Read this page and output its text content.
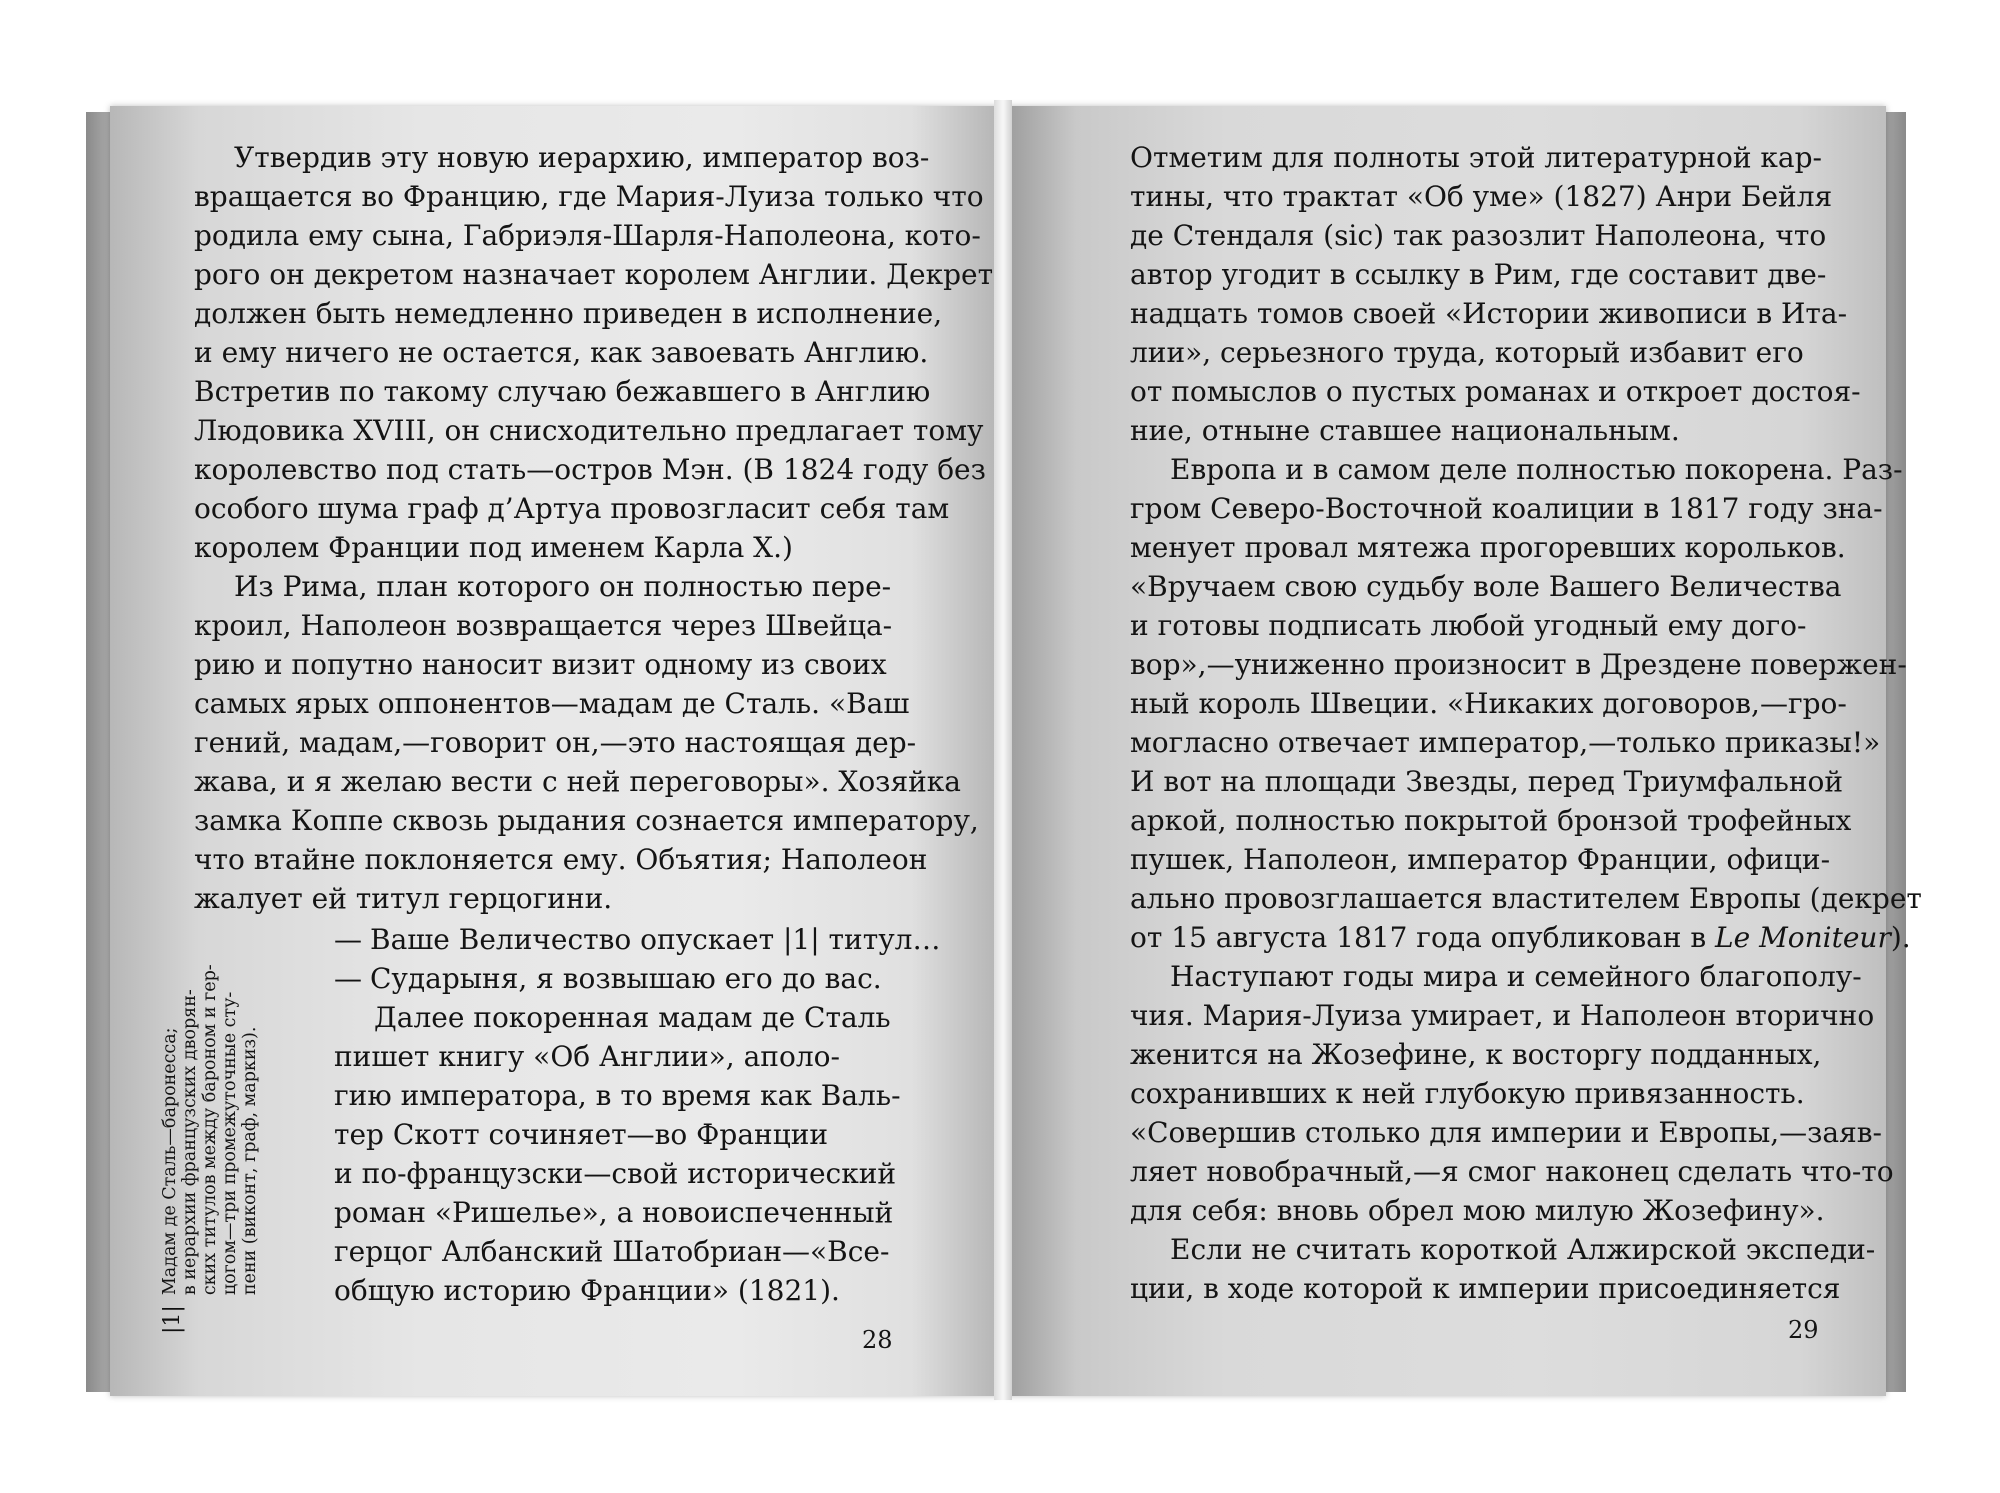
Утвердив эту новую иерархию, император воз-

вращается во Францию, где Мария-Луиза только что

родила ему сына, Габриэля-Шарля-Наполеона, кото-

рого он декретом назначает королем Англии. Декрет

должен быть немедленно приведен в исполнение,

и ему ничего не остается, как завоевать Англию.

Встретив по такому случаю бежавшего в Англию

Людовика XVIII, он снисходительно предлагает тому

королевство под стать—остров Мэн. (В 1824 году без

особого шума граф д’Артуа провозгласит себя там

королем Франции под именем Карла X.)

Из Рима, план которого он полностью пере-

кроил, Наполеон возвращается через Швейца-

рию и попутно наносит визит одному из своих

самых ярых оппонентов—мадам де Сталь. «Ваш

гений, мадам,—говорит он,—это настоящая дер-

жава, и я желаю вести с ней переговоры». Хозяйка

замка Коппе сквозь рыдания сознается императору,

что втайне поклоняется ему. Объятия; Наполеон

жалует ей титул герцогини.

— Ваше Величество опускает |1| титул…

— Сударыня, я возвышаю его до вас.

Далее покоренная мадам де Сталь

пишет книгу «Об Англии», аполо-

гию императора, в то время как Валь-

тер Скотт сочиняет—во Франции

и по-французски—свой исторический

роман «Ришелье», а новоиспеченный

герцог Албанский Шатобриан—«Все-

общую историю Франции» (1821).

|1|

Мадам де Сталь—баронесса; в иерархии французских дворян- ских титулов между бароном и гер- цогом—три промежуточные сту- пени (виконт, граф, маркиз).

28

Отметим для полноты этой литературной кар-

тины, что трактат «Об уме» (1827) Анри Бейля

де Стендаля (sic) так разозлит Наполеона, что

автор угодит в ссылку в Рим, где составит две-

надцать томов своей «Истории живописи в Ита-

лии», серьезного труда, который избавит его

от помыслов о пустых романах и откроет достоя-

ние, отныне ставшее национальным.

Европа и в самом деле полностью покорена. Раз-

гром Северо-Восточной коалиции в 1817 году зна-

менует провал мятежа прогоревших корольков.

«Вручаем свою судьбу воле Вашего Величества

и готовы подписать любой угодный ему дого-

вор»,—униженно произносит в Дрездене повержен-

ный король Швеции. «Никаких договоров,—гро-

могласно отвечает император,—только приказы!»

И вот на площади Звезды, перед Триумфальной

аркой, полностью покрытой бронзой трофейных

пушек, Наполеон, император Франции, офици-

ально провозглашается властителем Европы (декрет

от 15 августа 1817 года опубликован в Le Moniteur).

Наступают годы мира и семейного благополу-

чия. Мария-Луиза умирает, и Наполеон вторично

женится на Жозефине, к восторгу подданных,

сохранивших к ней глубокую привязанность.

«Совершив столько для империи и Европы,—заяв-

ляет новобрачный,—я смог наконец сделать что-то

для себя: вновь обрел мою милую Жозефину».

Если не считать короткой Алжирской экспеди-

ции, в ходе которой к империи присоединяется

29
